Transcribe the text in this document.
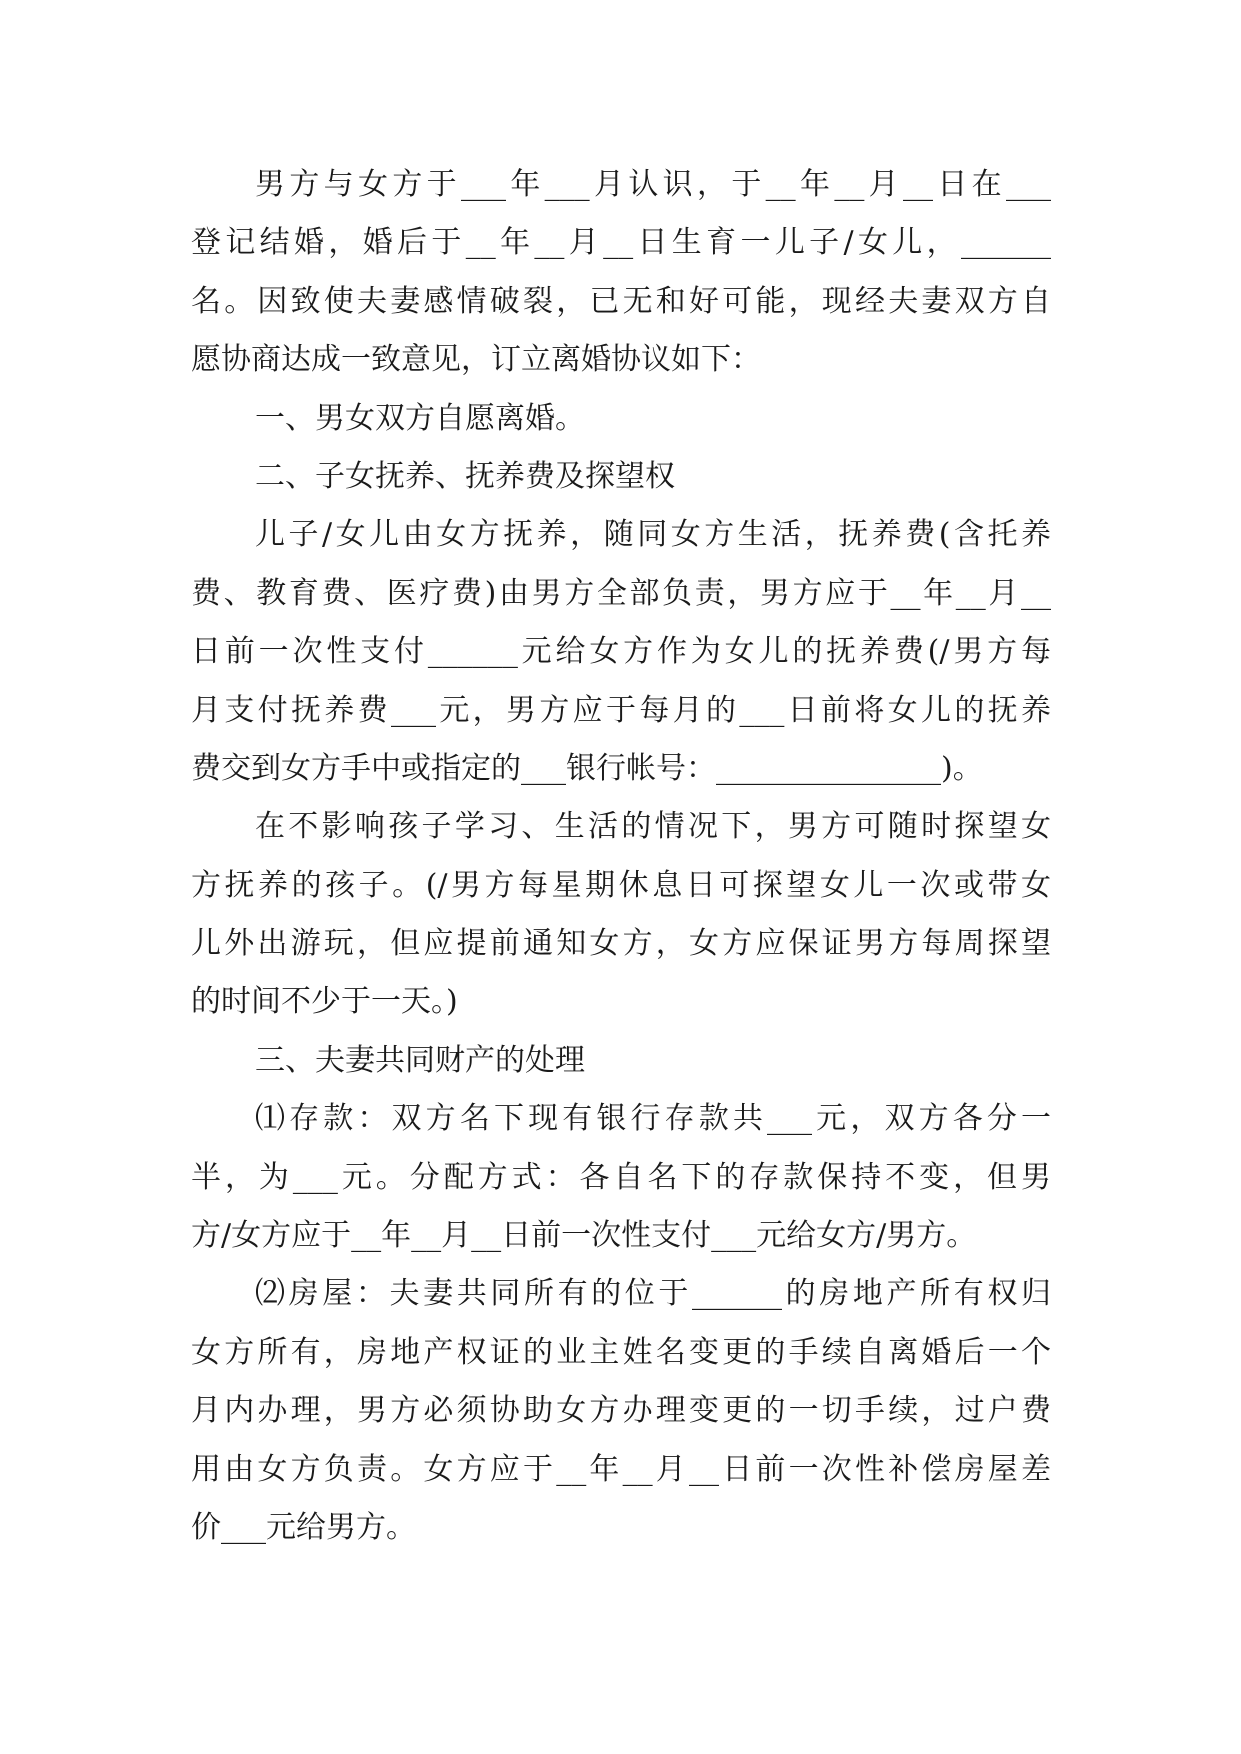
男方与女方于___年___月认识，于__年__月__日在___
登记结婚，婚后于__年__月__日生育一儿子/女儿，______
名。因致使夫妻感情破裂，已无和好可能，现经夫妻双方自
愿协商达成一致意见，订立离婚协议如下：
一、男女双方自愿离婚。
二、子女抚养、抚养费及探望权
儿子/女儿由女方抚养，随同女方生活，抚养费(含托养
费、教育费、医疗费)由男方全部负责，男方应于__年__月__
日前一次性支付______元给女方作为女儿的抚养费(/男方每
月支付抚养费___元，男方应于每月的___日前将女儿的抚养
费交到女方手中或指定的___银行帐号：_______________)。
在不影响孩子学习、生活的情况下，男方可随时探望女
方抚养的孩子。(/男方每星期休息日可探望女儿一次或带女
儿外出游玩，但应提前通知女方，女方应保证男方每周探望
的时间不少于一天。)
三、夫妻共同财产的处理
⑴存款：双方名下现有银行存款共___元，双方各分一
半，为___元。分配方式：各自名下的存款保持不变，但男
方/女方应于__年__月__日前一次性支付___元给女方/男方。
⑵房屋：夫妻共同所有的位于______的房地产所有权归
女方所有，房地产权证的业主姓名变更的手续自离婚后一个
月内办理，男方必须协助女方办理变更的一切手续，过户费
用由女方负责。女方应于__年__月__日前一次性补偿房屋差
价___元给男方。
